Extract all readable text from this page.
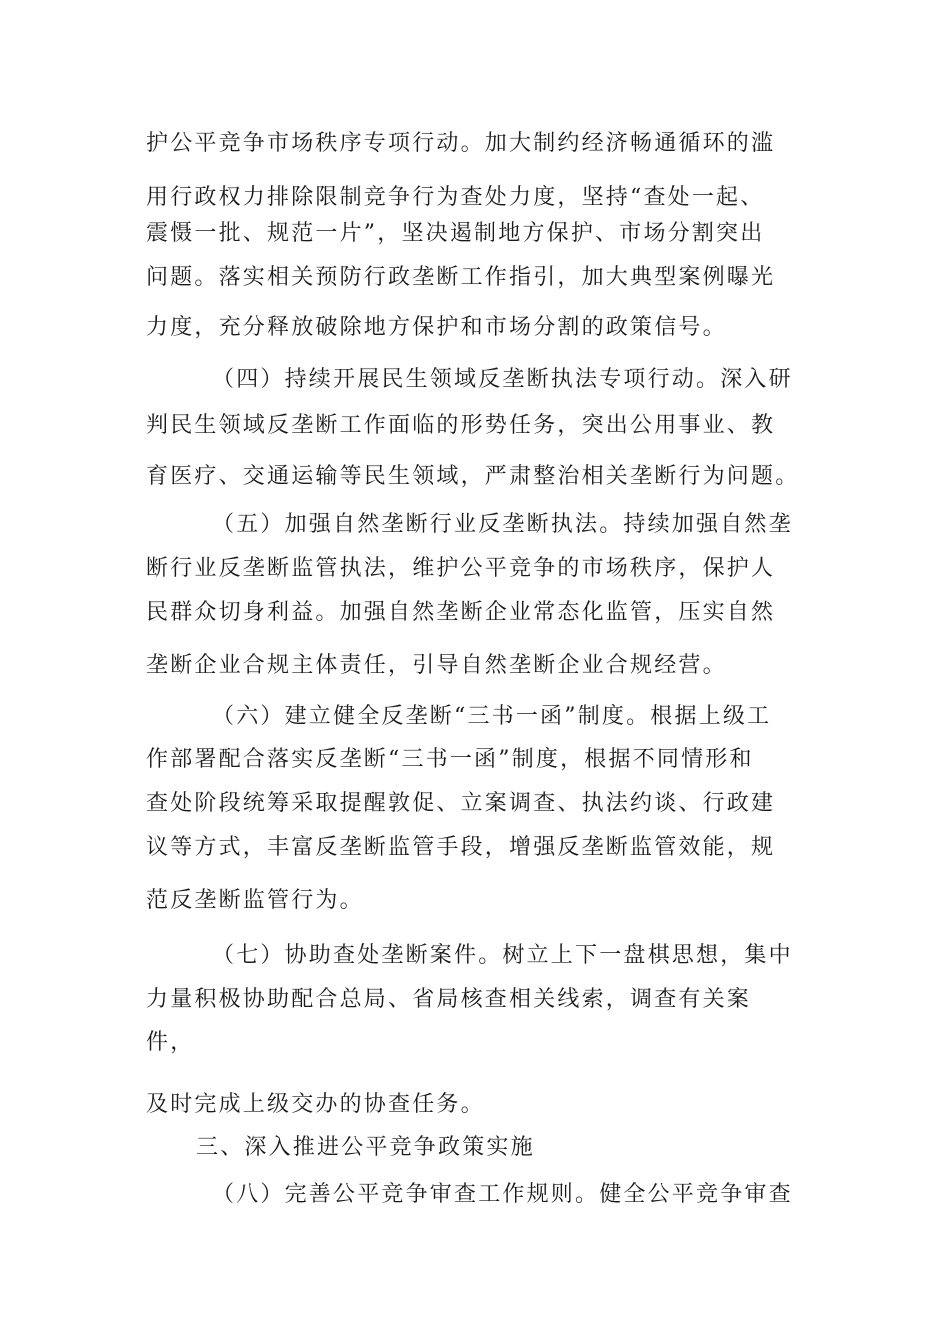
护公平竞争市场秩序专项行动。加大制约经济畅通循环的滥
用行政权力排除限制竞争行为查处力度，坚持“查处一起、
震慑一批、规范一片”，坚决遏制地方保护、市场分割突出
问题。落实相关预防行政垄断工作指引，加大典型案例曝光
力度，充分释放破除地方保护和市场分割的政策信号。
（四）持续开展民生领域反垄断执法专项行动。深入研
判民生领域反垄断工作面临的形势任务，突出公用事业、教
育医疗、交通运输等民生领域，严肃整治相关垄断行为问题。
（五）加强自然垄断行业反垄断执法。持续加强自然垄
断行业反垄断监管执法，维护公平竞争的市场秩序，保护人
民群众切身利益。加强自然垄断企业常态化监管，压实自然
垄断企业合规主体责任，引导自然垄断企业合规经营。
（六）建立健全反垄断“三书一函”制度。根据上级工
作部署配合落实反垄断“三书一函”制度，根据不同情形和
查处阶段统筹采取提醒敦促、立案调查、执法约谈、行政建
议等方式，丰富反垄断监管手段，增强反垄断监管效能，规
范反垄断监管行为。
（七）协助查处垄断案件。树立上下一盘棋思想，集中
力量积极协助配合总局、省局核查相关线索，调查有关案
件，
及时完成上级交办的协查任务。
三、深入推进公平竞争政策实施
（八）完善公平竞争审查工作规则。健全公平竞争审查
